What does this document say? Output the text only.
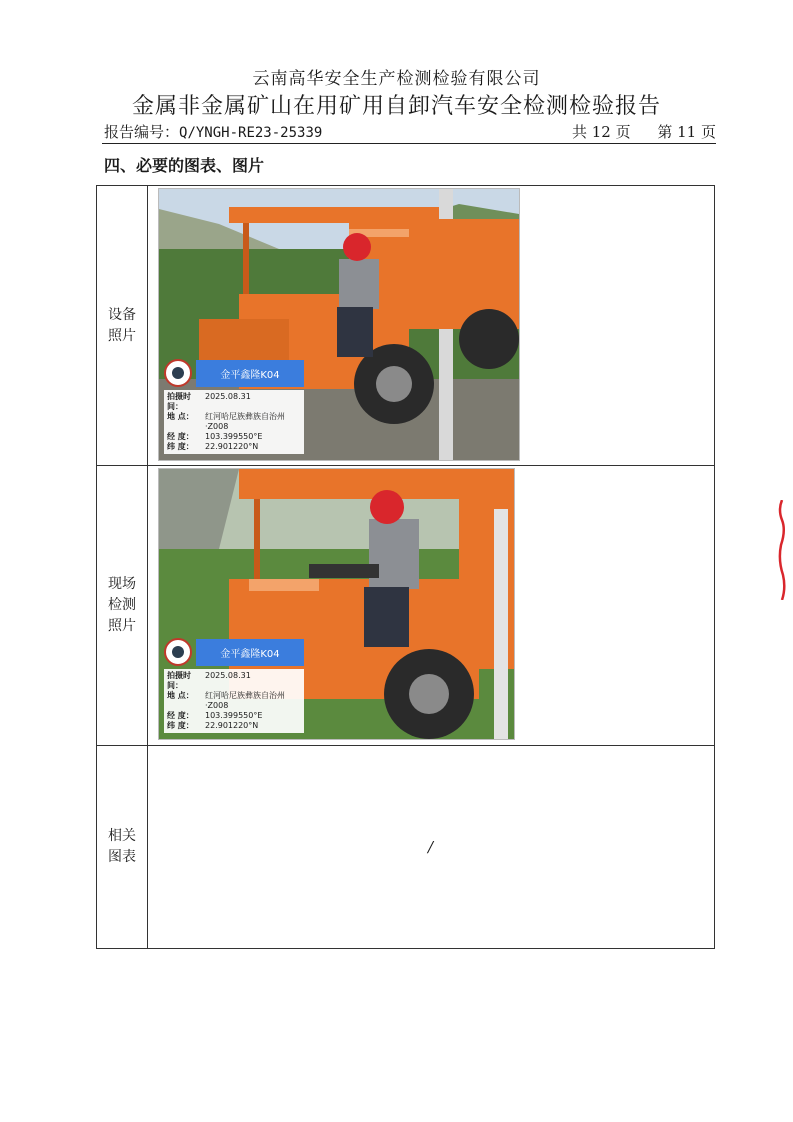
云南高华安全生产检测检验有限公司
金属非金属矿山在用矿用自卸汽车安全检测检验报告
报告编号：Q/YNGH-RE23-25339	共 12 页 第 11 页
四、必要的图表、图片
设备
照片	

现场
检测
照片	

相关
图表	

/
金平鑫隆K04
拍摄时间：
2025.08.31
地 点：	红河哈尼族彝族自治州·Z008
经 度：	103.399550°E
纬 度：	22.901220°N
金平鑫隆K04
拍摄时间：
2025.08.31
地 点：	红河哈尼族彝族自治州·Z008
经 度：	103.399550°E
纬 度：	22.901220°N
